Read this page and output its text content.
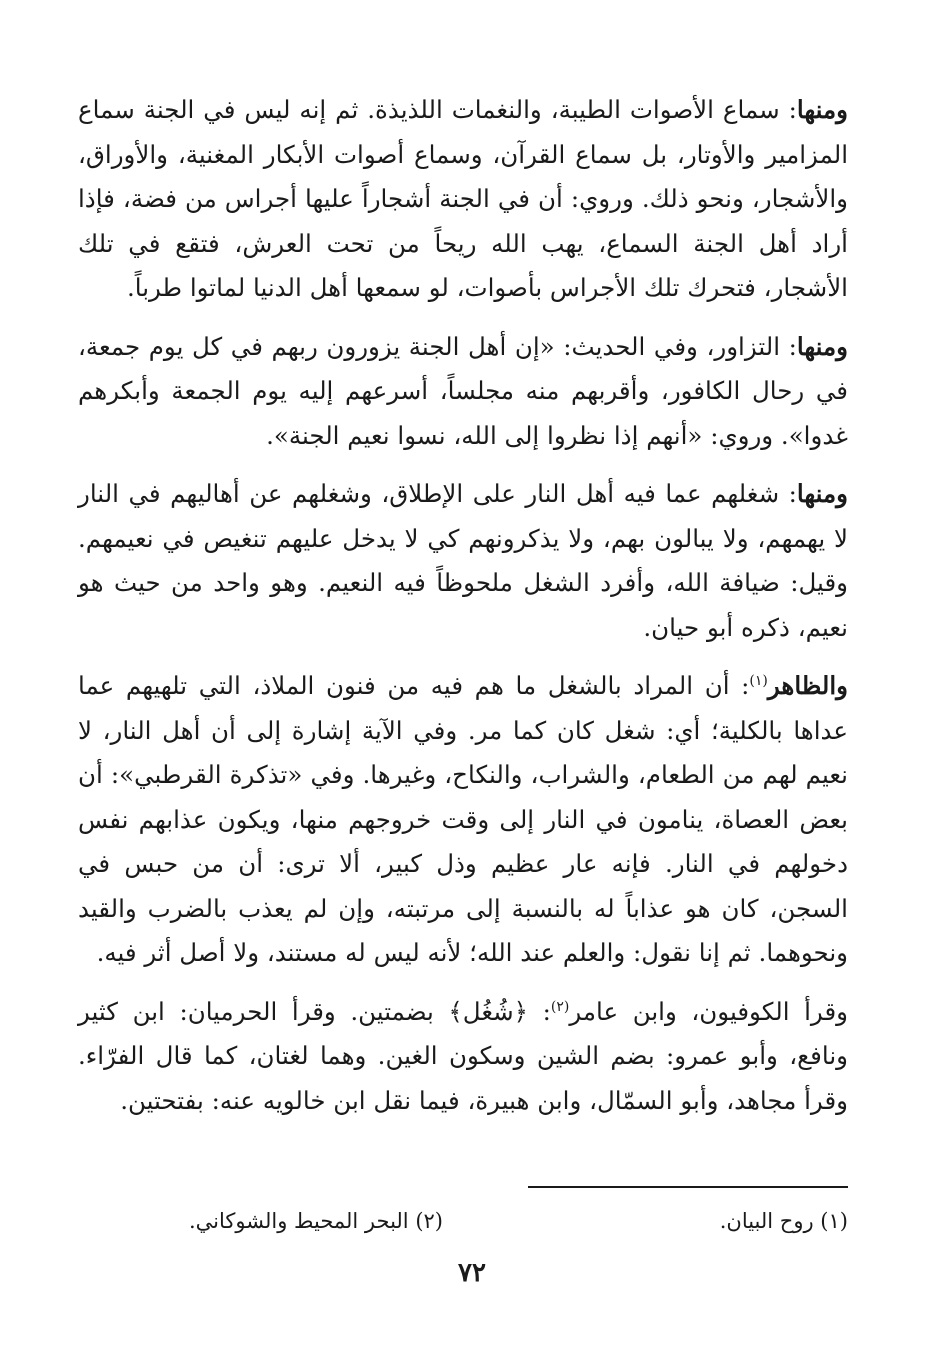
ومنها: سماع الأصوات الطيبة، والنغمات اللذيذة. ثم إنه ليس في الجنة سماع المزامير والأوتار، بل سماع القرآن، وسماع أصوات الأبكار المغنية، والأوراق، والأشجار، ونحو ذلك. وروي: أن في الجنة أشجاراً عليها أجراس من فضة، فإذا أراد أهل الجنة السماع، يهب الله ريحاً من تحت العرش، فتقع في تلك الأشجار، فتحرك تلك الأجراس بأصوات، لو سمعها أهل الدنيا لماتوا طرباً.

ومنها: التزاور، وفي الحديث: «إن أهل الجنة يزورون ربهم في كل يوم جمعة، في رحال الكافور، وأقربهم منه مجلساً، أسرعهم إليه يوم الجمعة وأبكرهم غدوا». وروي: «أنهم إذا نظروا إلى الله، نسوا نعيم الجنة».

ومنها: شغلهم عما فيه أهل النار على الإطلاق، وشغلهم عن أهاليهم في النار لا يهمهم، ولا يبالون بهم، ولا يذكرونهم كي لا يدخل عليهم تنغيص في نعيمهم. وقيل: ضيافة الله، وأفرد الشغل ملحوظاً فيه النعيم. وهو واحد من حيث هو نعيم، ذكره أبو حيان.

والظاهر$^{(١)}$: أن المراد بالشغل ما هم فيه من فنون الملاذ، التي تلهيهم عما عداها بالكلية؛ أي: شغل كان كما مر. وفي الآية إشارة إلى أن أهل النار، لا نعيم لهم من الطعام، والشراب، والنكاح، وغيرها. وفي «تذكرة القرطبي»: أن بعض العصاة، ينامون في النار إلى وقت خروجهم منها، ويكون عذابهم نفس دخولهم في النار. فإنه عار عظيم وذل كبير، ألا ترى: أن من حبس في السجن، كان هو عذاباً له بالنسبة إلى مرتبته، وإن لم يعذب بالضرب والقيد ونحوهما. ثم إنا نقول: والعلم عند الله؛ لأنه ليس له مستند، ولا أصل أثر فيه.

وقرأ الكوفيون، وابن عامر$^{(٢)}$: ﴿شُغُل﴾ بضمتين. وقرأ الحرميان: ابن كثير ونافع، وأبو عمرو: بضم الشين وسكون الغين. وهما لغتان، كما قال الفرّاء. وقرأ مجاهد، وأبو السمّال، وابن هبيرة، فيما نقل ابن خالويه عنه: بفتحتين.

(١) روح البيان.
(٢) البحر المحيط والشوكاني.
٧٢
